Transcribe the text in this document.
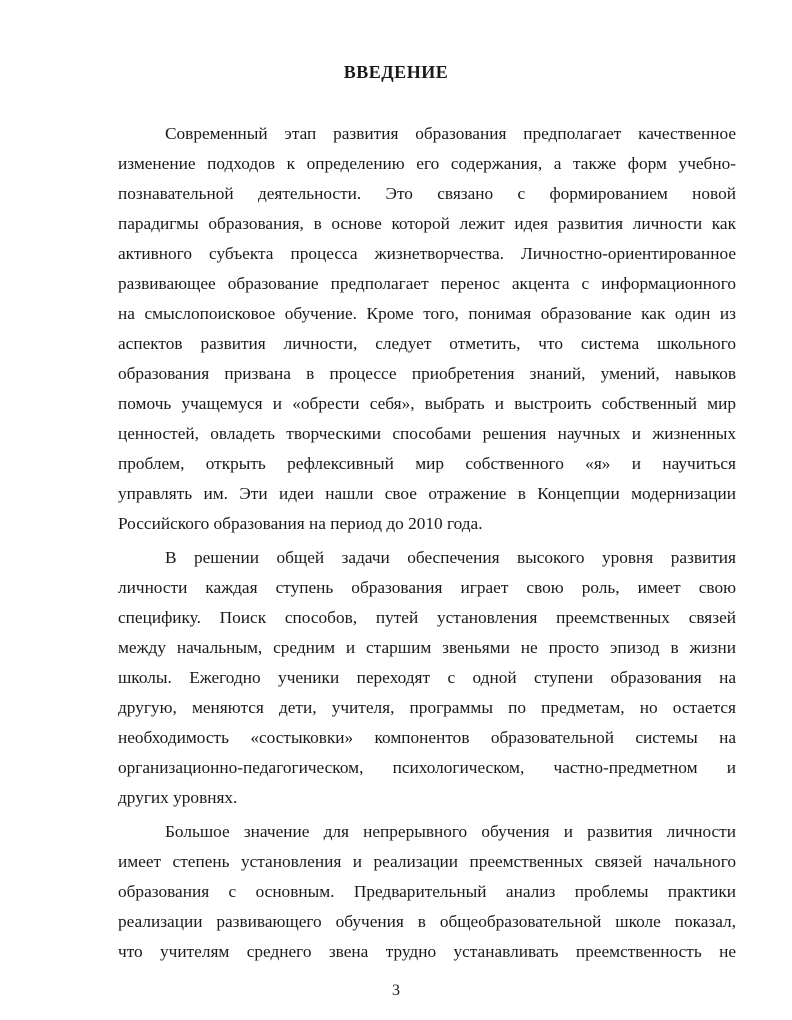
ВВЕДЕНИЕ
Современный этап развития образования предполагает качественное
изменение подходов к определению его содержания, а также форм учебно-
познавательной деятельности. Это связано с формированием новой
парадигмы образования, в основе которой лежит идея развития личности как
активного субъекта процесса жизнетворчества. Личностно-ориентированное
развивающее образование предполагает перенос акцента с информационного
на смыслопоисковое обучение. Кроме того, понимая образование как один из
аспектов развития личности, следует отметить, что система школьного
образования призвана в процессе приобретения знаний, умений, навыков
помочь учащемуся и «обрести себя», выбрать и выстроить собственный мир
ценностей, овладеть творческими способами решения научных и жизненных
проблем, открыть рефлексивный мир собственного «я» и научиться
управлять им. Эти идеи нашли свое отражение в Концепции модернизации
Российского образования на период до 2010 года.
В решении общей задачи обеспечения высокого уровня развития
личности каждая ступень образования играет свою роль, имеет свою
специфику. Поиск способов, путей установления преемственных связей
между начальным, средним и старшим звеньями не просто эпизод в жизни
школы. Ежегодно ученики переходят с одной ступени образования на
другую, меняются дети, учителя, программы по предметам, но остается
необходимость «состыковки» компонентов образовательной системы на
организационно-педагогическом, психологическом, частно-предметном и
других уровнях.
Большое значение для непрерывного обучения и развития личности
имеет степень установления и реализации преемственных связей начального
образования с основным. Предварительный анализ проблемы практики
реализации развивающего обучения в общеобразовательной школе показал,
что учителям среднего звена трудно устанавливать преемственность не
3
